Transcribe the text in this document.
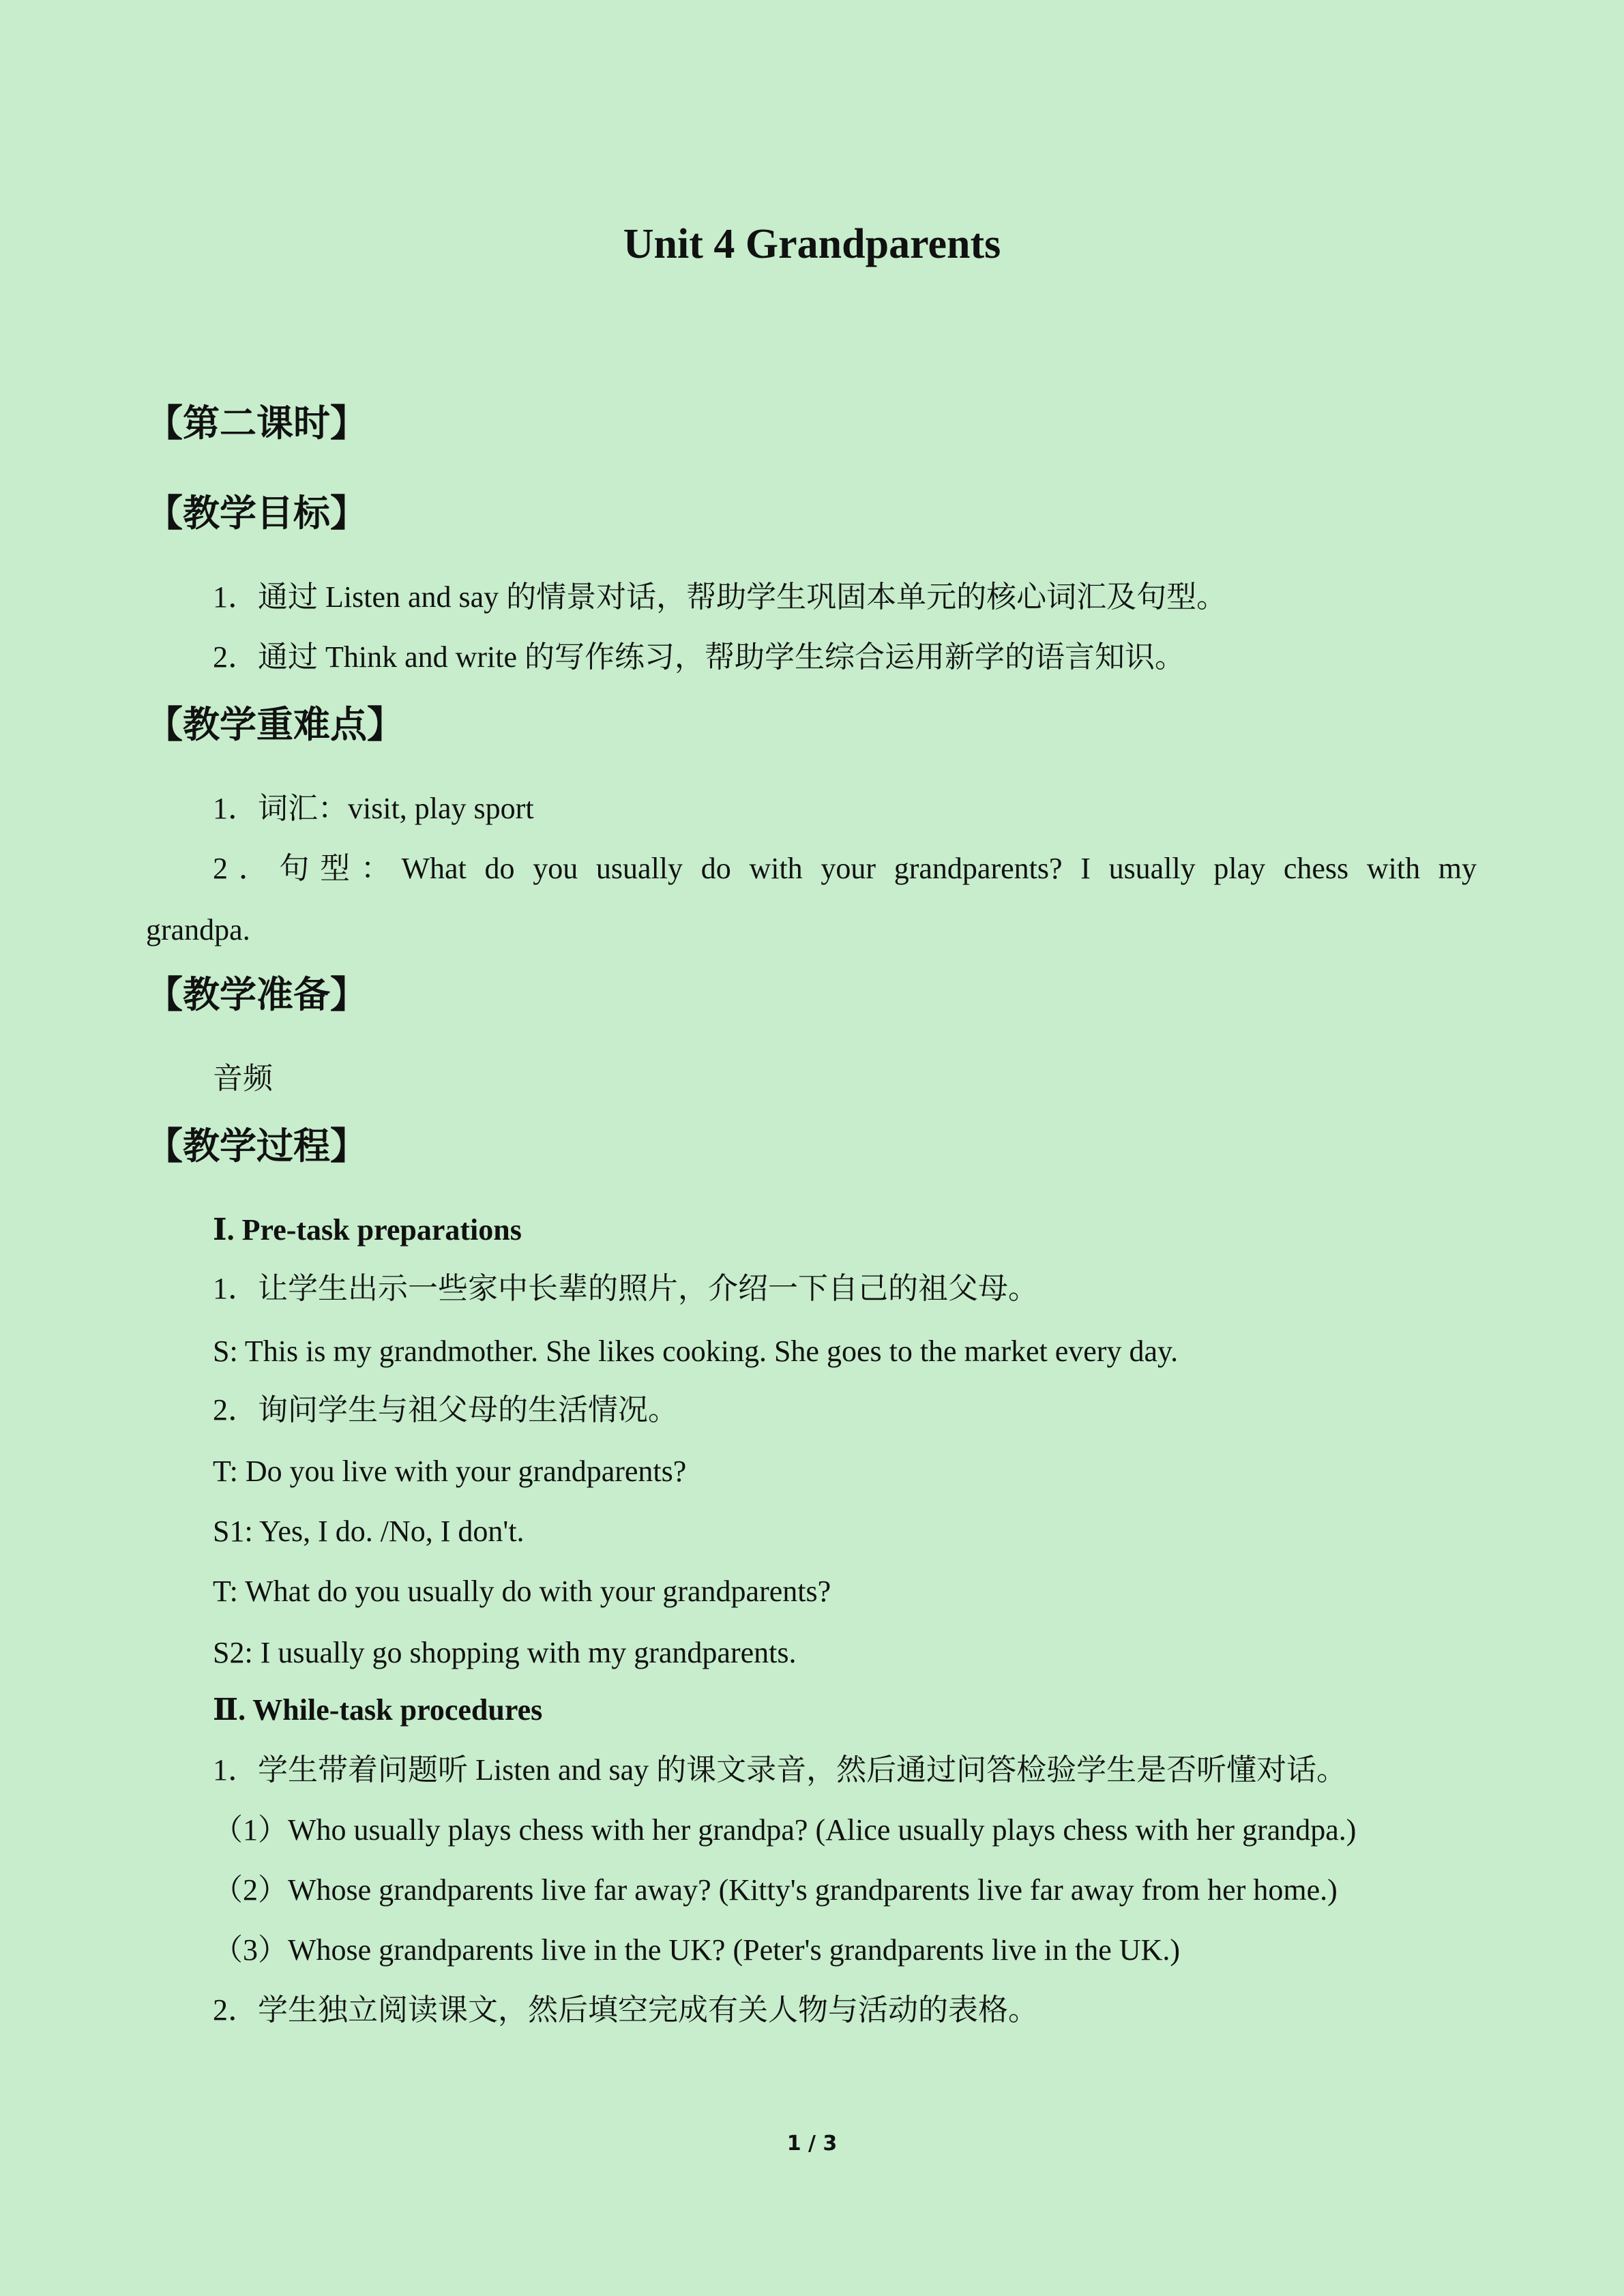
Unit 4 Grandparents
【第二课时】
【教学目标】
1．通过 Listen and say 的情景对话，帮助学生巩固本单元的核心词汇及句型。
2．通过 Think and write 的写作练习，帮助学生综合运用新学的语言知识。
【教学重难点】
1．词汇：visit, play sport
2．句型：What do you usually do with your grandparents? I usually play chess with my
grandpa.
【教学准备】
音频
【教学过程】
Ⅰ. Pre-task preparations
1．让学生出示一些家中长辈的照片，介绍一下自己的祖父母。
S: This is my grandmother. She likes cooking. She goes to the market every day.
2．询问学生与祖父母的生活情况。
T: Do you live with your grandparents?
S1: Yes, I do. /No, I don't.
T: What do you usually do with your grandparents?
S2: I usually go shopping with my grandparents.
Ⅱ. While-task procedures
1．学生带着问题听 Listen and say 的课文录音，然后通过问答检验学生是否听懂对话。
（1）Who usually plays chess with her grandpa? (Alice usually plays chess with her grandpa.)
（2）Whose grandparents live far away? (Kitty's grandparents live far away from her home.)
（3）Whose grandparents live in the UK? (Peter's grandparents live in the UK.)
2．学生独立阅读课文，然后填空完成有关人物与活动的表格。
1 / 3
